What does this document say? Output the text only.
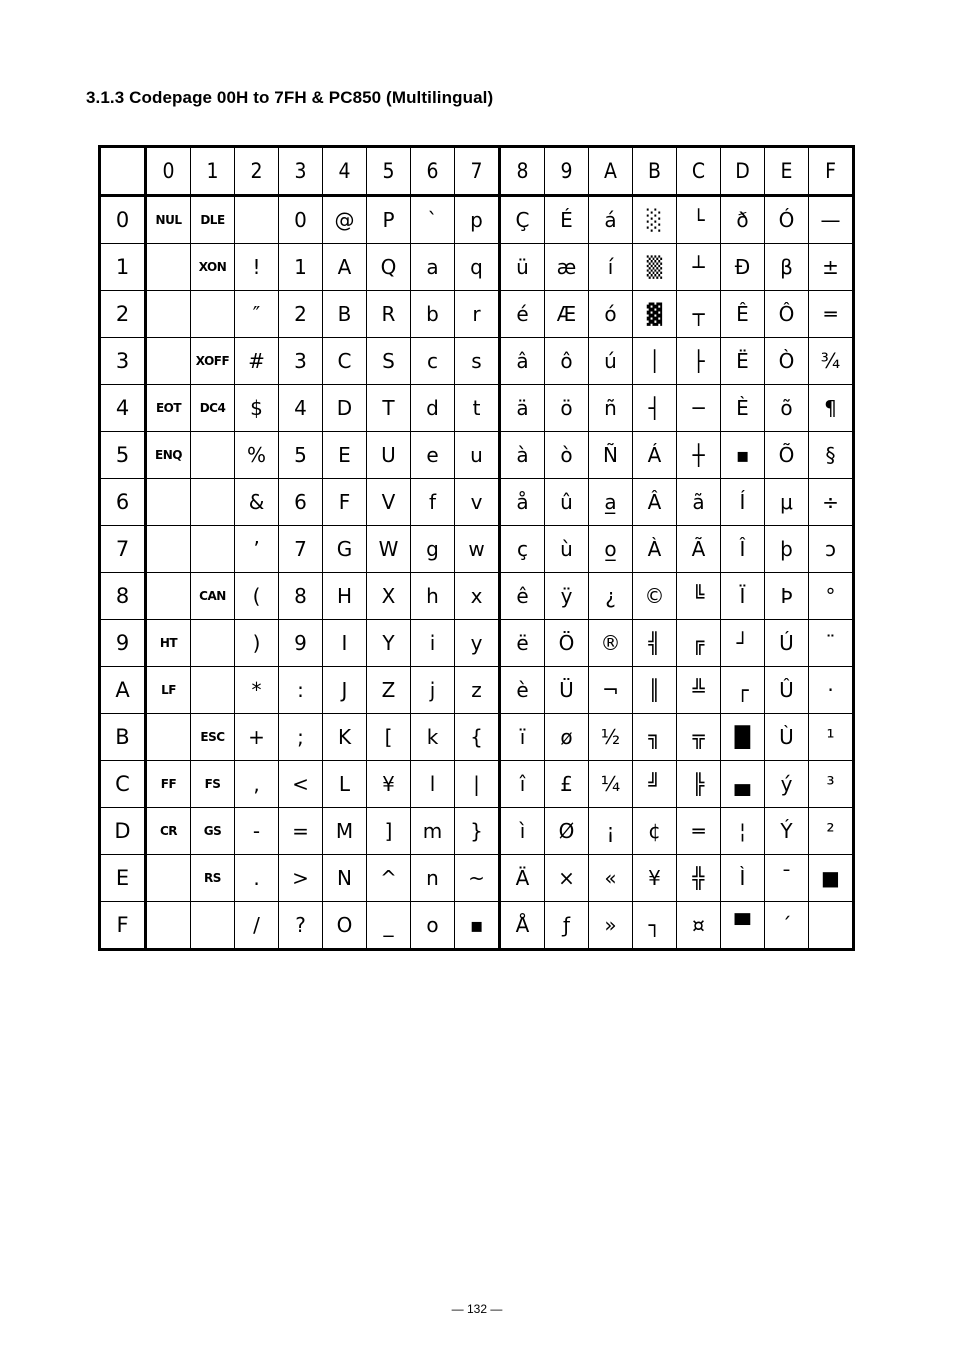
3.1.3 Codepage 00H to 7FH & PC850 (Multilingual)
	0	1	2	3	4	5	6	7	8	9	A	B	C	D	E	F
0	NUL	DLE		0	@	P	`	p	Ç	É	á	░	└	ð	Ó	—
1		XON	!	1	A	Q	a	q	ü	æ	í	▒	┴	Ð	β	±
2			″	2	B	R	b	r	é	Æ	ó	▓	┬	Ê	Ô	═
3		XOFF	#	3	C	S	c	s	â	ô	ú	│	├	Ë	Ò	¾
4	EOT	DC4	$	4	D	T	d	t	ä	ö	ñ	┤	─	È	õ	¶
5	ENQ		%	5	E	U	e	u	à	ò	Ñ	Á	┼	▪	Õ	§
6			&	6	F	V	f	v	å	û	a̲	Â	ã	Í	μ	÷
7			’	7	G	W	g	w	ç	ù	o̲	À	Ã	Î	þ	ↄ
8		CAN	(	8	H	X	h	x	ê	ÿ	¿	©	╚	Ï	Þ	°
9	HT		)	9	I	Y	i	y	ë	Ö	®	╣	╔	┘	Ú	¨
A	LF		*	:	J	Z	j	z	è	Ü	¬	║	╩	┌	Û	·
B		ESC	+	;	K	[	k	{	ï	ø	½	╗	╦	█	Ù	¹
C	FF	FS	,	<	L	¥	l	|	î	£	¼	╝	╠	▄	ý	³
D	CR	GS	-	=	M	]	m	}	ì	Ø	¡	¢	═	¦	Ý	²
E		RS	.	>	N	^	n	~	Ä	×	«	¥	╬	Ì	¯	■
F			/	?	O	_	o	▪	Å	ƒ	»	┐	¤	▀	´	
— 132 —
